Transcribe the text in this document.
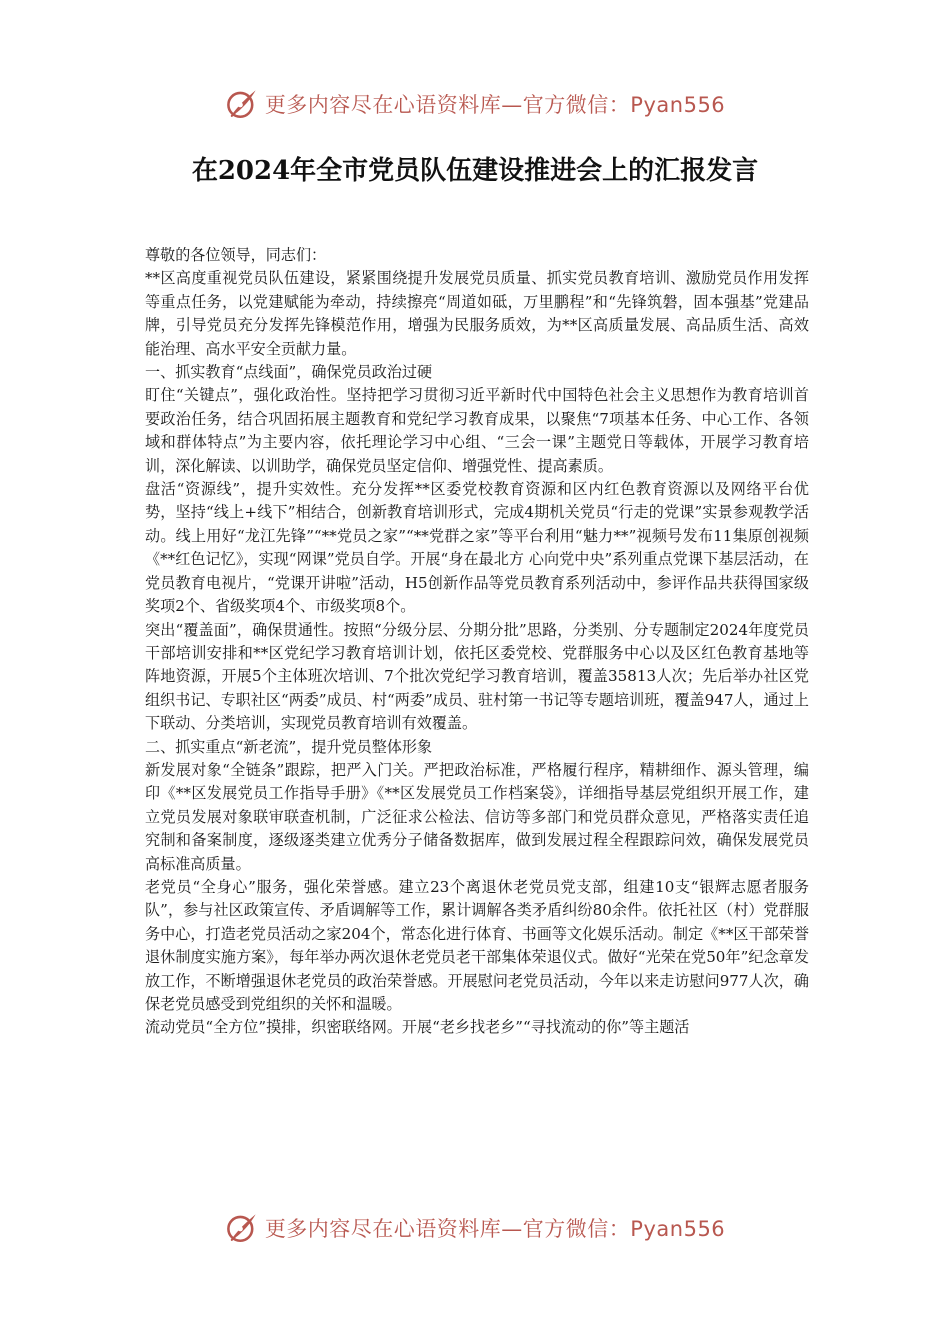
更多内容尽在心语资料库—官方微信：Pyan556
在2024年全市党员队伍建设推进会上的汇报发言

尊敬的各位领导，同志们：

**区高度重视党员队伍建设，紧紧围绕提升发展党员质量、抓实党员教育培训、激励党员作用发挥等重点任务，以党建赋能为牵动，持续擦亮“周道如砥，万里鹏程”和“先锋筑磐，固本强基”党建品牌，引导党员充分发挥先锋模范作用，增强为民服务质效，为**区高质量发展、高品质生活、高效能治理、高水平安全贡献力量。

一、抓实教育“点线面”，确保党员政治过硬

盯住“关键点”，强化政治性。坚持把学习贯彻习近平新时代中国特色社会主义思想作为教育培训首要政治任务，结合巩固拓展主题教育和党纪学习教育成果，以聚焦“7项基本任务、中心工作、各领域和群体特点”为主要内容，依托理论学习中心组、“三会一课”主题党日等载体，开展学习教育培训，深化解读、以训助学，确保党员坚定信仰、增强党性、提高素质。

盘活“资源线”，提升实效性。充分发挥**区委党校教育资源和区内红色教育资源以及网络平台优势，坚持“线上+线下”相结合，创新教育培训形式，完成4期机关党员“行走的党课”实景参观教学活动。线上用好“龙江先锋”“**党员之家”“**党群之家”等平台利用“魅力**”视频号发布11集原创视频《**红色记忆》，实现“网课”党员自学。开展“身在最北方 心向党中央”系列重点党课下基层活动，在党员教育电视片，“党课开讲啦”活动，H5创新作品等党员教育系列活动中，参评作品共获得国家级奖项2个、省级奖项4个、市级奖项8个。

突出“覆盖面”，确保贯通性。按照“分级分层、分期分批”思路，分类别、分专题制定2024年度党员干部培训安排和**区党纪学习教育培训计划，依托区委党校、党群服务中心以及区红色教育基地等阵地资源，开展5个主体班次培训、7个批次党纪学习教育培训，覆盖35813人次；先后举办社区党组织书记、专职社区“两委”成员、村“两委”成员、驻村第一书记等专题培训班，覆盖947人，通过上下联动、分类培训，实现党员教育培训有效覆盖。

二、抓实重点“新老流”，提升党员整体形象

新发展对象“全链条”跟踪，把严入门关。严把政治标准，严格履行程序，精耕细作、源头管理，编印《**区发展党员工作指导手册》《**区发展党员工作档案袋》，详细指导基层党组织开展工作，建立党员发展对象联审联查机制，广泛征求公检法、信访等多部门和党员群众意见，严格落实责任追究制和备案制度，逐级逐类建立优秀分子储备数据库，做到发展过程全程跟踪问效，确保发展党员高标准高质量。

老党员“全身心”服务，强化荣誉感。建立23个离退休老党员党支部，组建10支“银辉志愿者服务队”，参与社区政策宣传、矛盾调解等工作，累计调解各类矛盾纠纷80余件。依托社区（村）党群服务中心，打造老党员活动之家204个，常态化进行体育、书画等文化娱乐活动。制定《**区干部荣誉退休制度实施方案》，每年举办两次退休老党员老干部集体荣退仪式。做好“光荣在党50年”纪念章发放工作，不断增强退休老党员的政治荣誉感。开展慰问老党员活动，今年以来走访慰问977人次，确保老党员感受到党组织的关怀和温暖。

流动党员“全方位”摸排，织密联络网。开展“老乡找老乡”“寻找流动的你”等主题活

更多内容尽在心语资料库—官方微信：Pyan556
